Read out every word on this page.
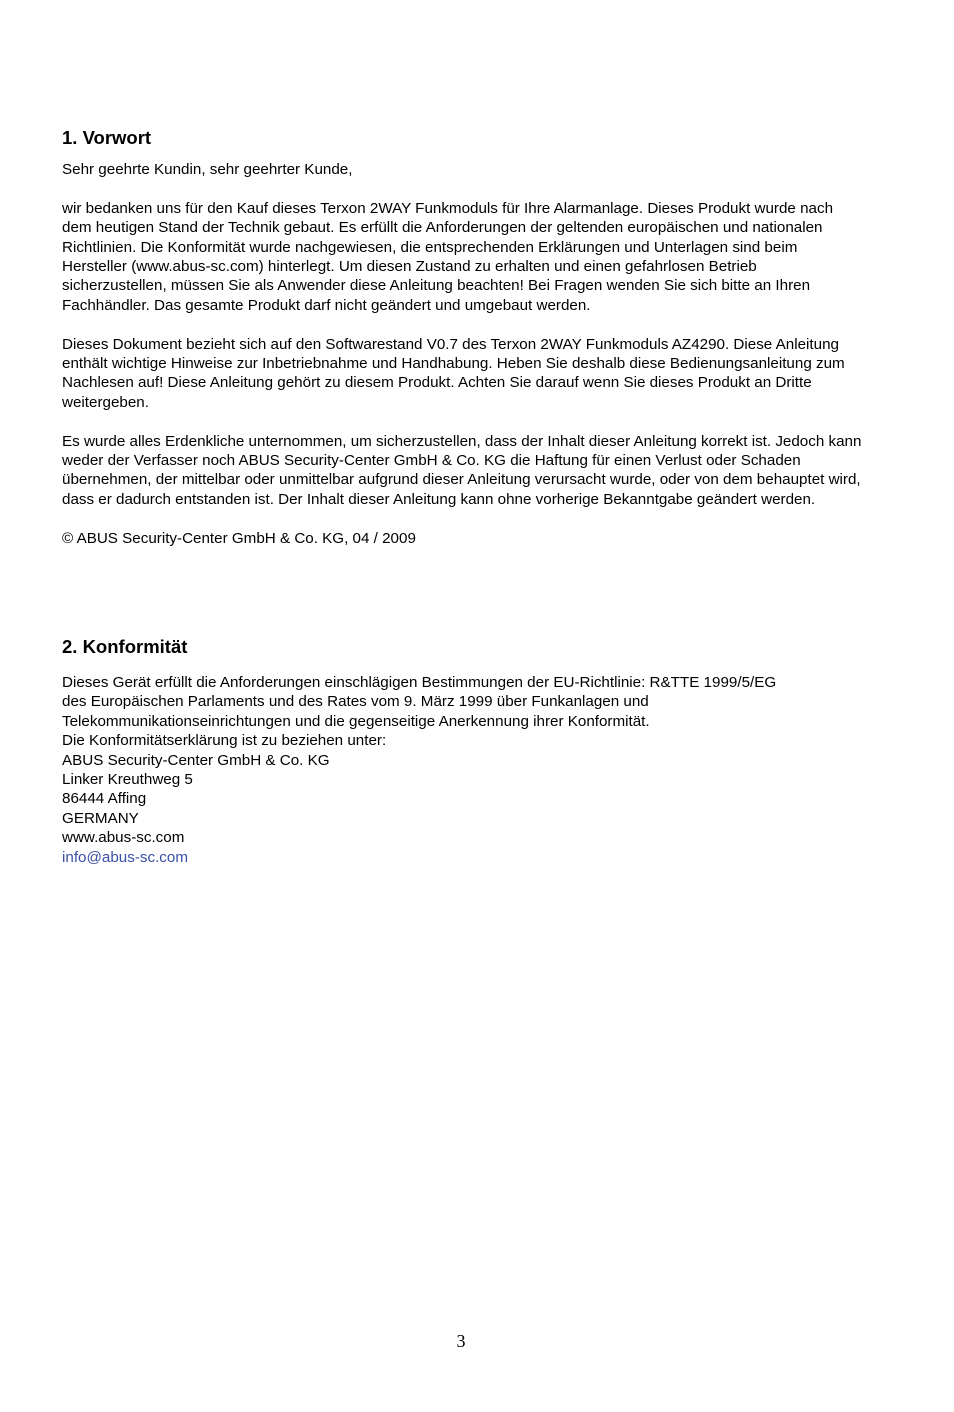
1. Vorwort

Sehr geehrte Kundin, sehr geehrter Kunde,

wir bedanken uns für den Kauf dieses Terxon 2WAY Funkmoduls für Ihre Alarmanlage. Dieses Produkt wurde nach dem heutigen Stand der Technik gebaut. Es erfüllt die Anforderungen der geltenden europäischen und nationalen Richtlinien. Die Konformität wurde nachgewiesen, die entsprechenden Erklärungen und Unterlagen sind beim Hersteller (www.abus-sc.com) hinterlegt. Um diesen Zustand zu erhalten und einen gefahrlosen Betrieb sicherzustellen, müssen Sie als Anwender diese Anleitung beachten! Bei Fragen wenden Sie sich bitte an Ihren Fachhändler. Das gesamte Produkt darf nicht geändert und umgebaut werden.

Dieses Dokument bezieht sich auf den Softwarestand V0.7 des Terxon 2WAY Funkmoduls AZ4290. Diese Anleitung enthält wichtige Hinweise zur Inbetriebnahme und Handhabung. Heben Sie deshalb diese Bedienungsanleitung zum Nachlesen auf! Diese Anleitung gehört zu diesem Produkt. Achten Sie darauf wenn Sie dieses Produkt an Dritte weitergeben.

Es wurde alles Erdenkliche unternommen, um sicherzustellen, dass der Inhalt dieser Anleitung korrekt ist. Jedoch kann weder der Verfasser noch ABUS Security-Center GmbH & Co. KG die Haftung für einen Verlust oder Schaden übernehmen, der mittelbar oder unmittelbar aufgrund dieser Anleitung verursacht wurde, oder von dem behauptet wird, dass er dadurch entstanden ist. Der Inhalt dieser Anleitung kann ohne vorherige Bekanntgabe geändert werden.

© ABUS Security-Center GmbH & Co. KG, 04 / 2009

2. Konformität

Dieses Gerät erfüllt die Anforderungen einschlägigen Bestimmungen der EU-Richtlinie: R&TTE 1999/5/EG

des Europäischen Parlaments und des Rates vom 9. März 1999 über Funkanlagen und

Telekommunikationseinrichtungen und die gegenseitige Anerkennung ihrer Konformität.

Die Konformitätserklärung ist zu beziehen unter:

ABUS Security-Center GmbH & Co. KG

Linker Kreuthweg 5

86444 Affing

GERMANY

www.abus-sc.com

info@abus-sc.com

3
